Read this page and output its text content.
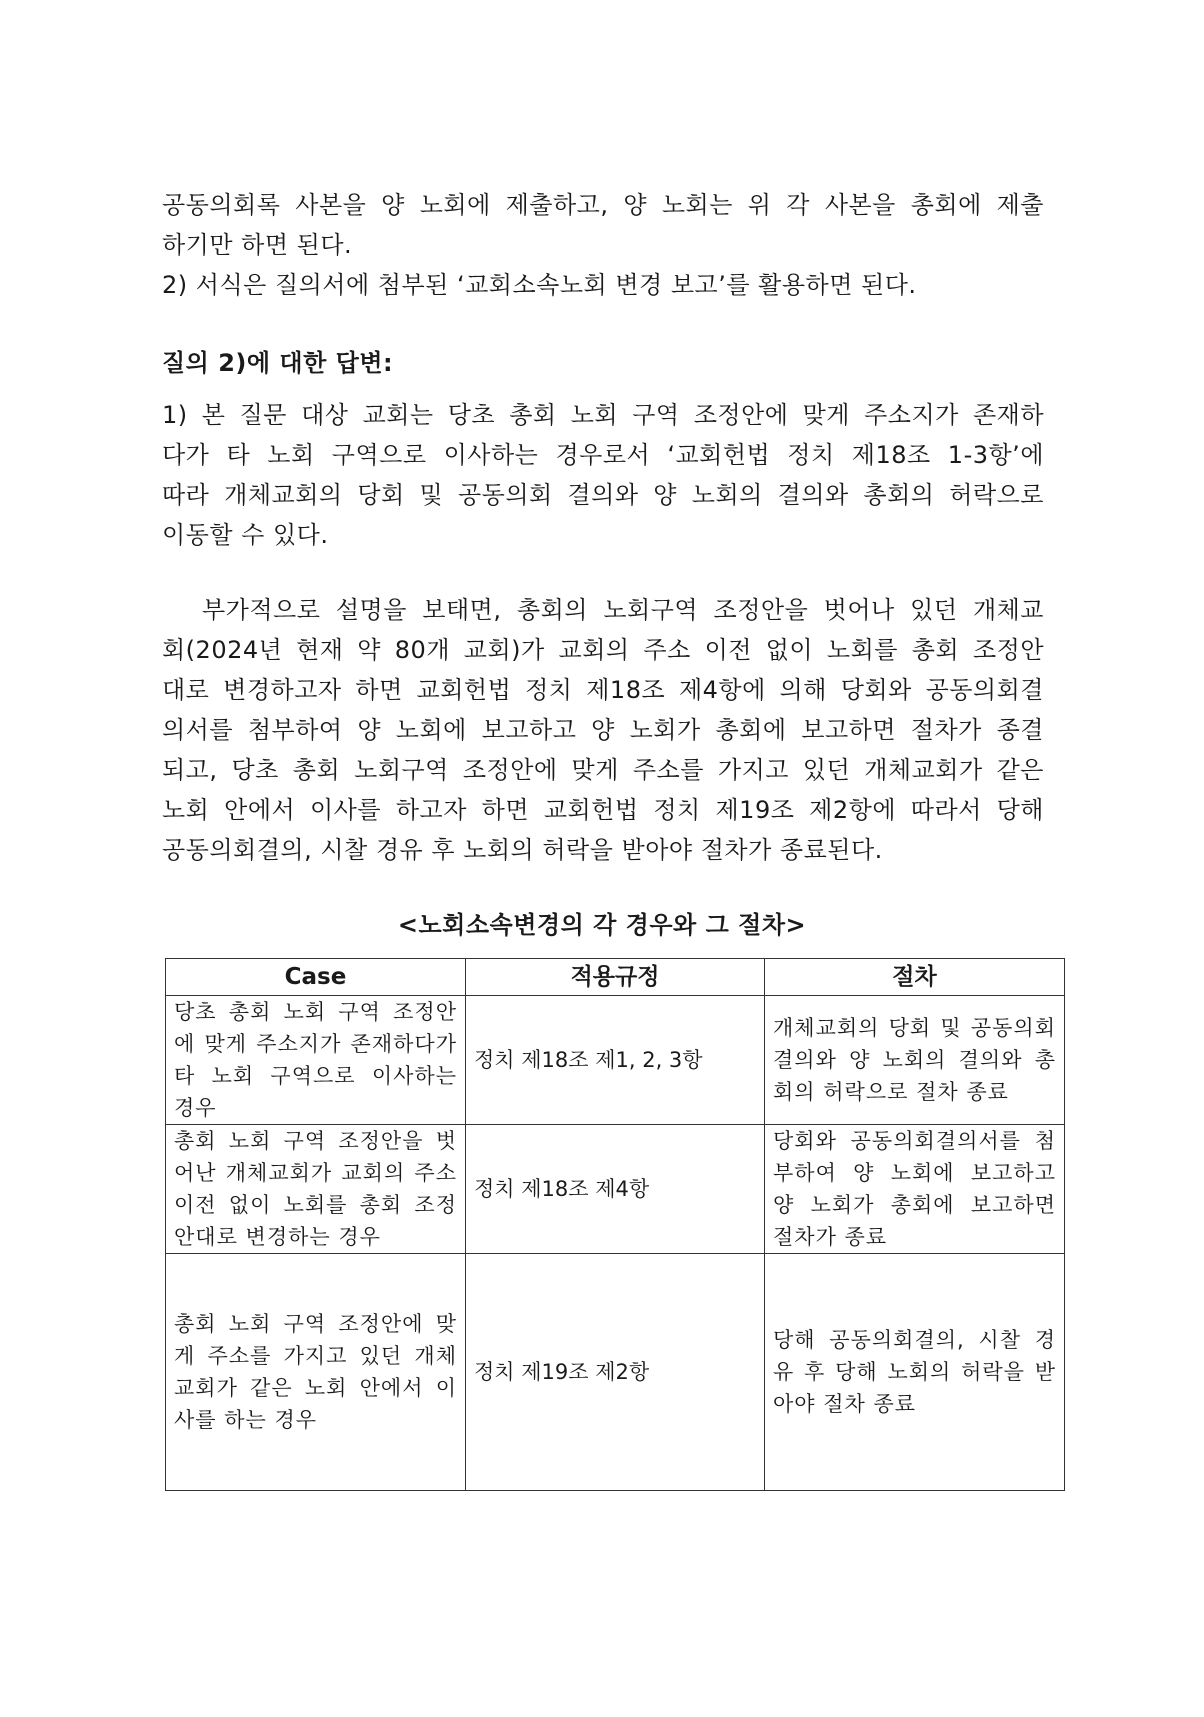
공동의회록 사본을 양 노회에 제출하고, 양 노회는 위 각 사본을 총회에 제출
하기만 하면 된다.
2) 서식은 질의서에 첨부된 ‘교회소속노회 변경 보고’를 활용하면 된다.
질의 2)에 대한 답변:
1) 본 질문 대상 교회는 당초 총회 노회 구역 조정안에 맞게 주소지가 존재하
다가 타 노회 구역으로 이사하는 경우로서 ‘교회헌법 정치 제18조 1-3항’에
따라 개체교회의 당회 및 공동의회 결의와 양 노회의 결의와 총회의 허락으로
이동할 수 있다.
부가적으로 설명을 보태면, 총회의 노회구역 조정안을 벗어나 있던 개체교
회(2024년 현재 약 80개 교회)가 교회의 주소 이전 없이 노회를 총회 조정안
대로 변경하고자 하면 교회헌법 정치 제18조 제4항에 의해 당회와 공동의회결
의서를 첨부하여 양 노회에 보고하고 양 노회가 총회에 보고하면 절차가 종결
되고, 당초 총회 노회구역 조정안에 맞게 주소를 가지고 있던 개체교회가 같은
노회 안에서 이사를 하고자 하면 교회헌법 정치 제19조 제2항에 따라서 당해
공동의회결의, 시찰 경유 후 노회의 허락을 받아야 절차가 종료된다.
<노회소속변경의 각 경우와 그 절차>
Case	적용규정	절차

당초 총회 노회 구역 조정안
에 맞게 주소지가 존재하다가
타 노회 구역으로 이사하는
경우	정치 제18조 제1, 2, 3항	개체교회의 당회 및 공동의회
결의와 양 노회의 결의와 총
회의 허락으로 절차 종료

총회 노회 구역 조정안을 벗
어난 개체교회가 교회의 주소
이전 없이 노회를 총회 조정
안대로 변경하는 경우	정치 제18조 제4항	당회와 공동의회결의서를 첨
부하여 양 노회에 보고하고
양 노회가 총회에 보고하면
절차가 종료

총회 노회 구역 조정안에 맞
게 주소를 가지고 있던 개체
교회가 같은 노회 안에서 이
사를 하는 경우	정치 제19조 제2항	당해 공동의회결의, 시찰 경
유 후 당해 노회의 허락을 받
아야 절차 종료
